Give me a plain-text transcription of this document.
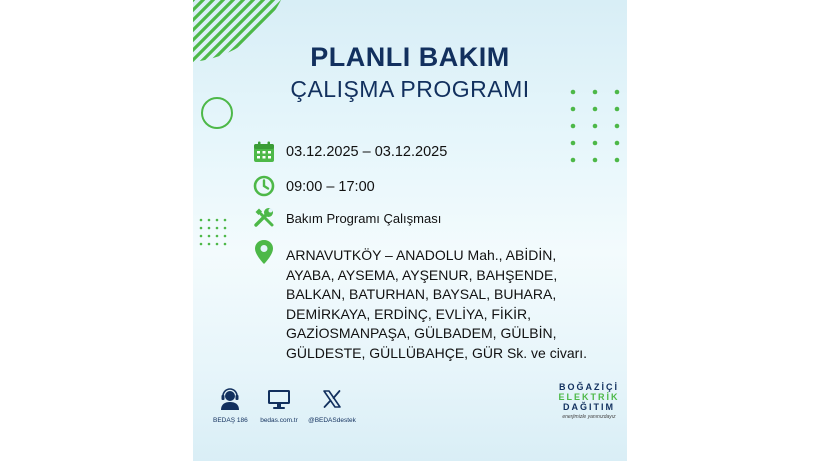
PLANLI BAKIM
ÇALIŞMA PROGRAMI
03.12.2025 – 03.12.2025
09:00 – 17:00
Bakım Programı Çalışması
ARNAVUTKÖY – ANADOLU Mah., ABİDİN,
AYABA, AYSEMA, AYŞENUR, BAHŞENDE,
BALKAN, BATURHAN, BAYSAL, BUHARA,
DEMİRKAYA, ERDİNÇ, EVLİYA, FİKİR,
GAZİOSMANPAŞA, GÜLBADEM, GÜLBİN,
GÜLDESTE, GÜLLÜBAHÇE, GÜR Sk. ve civarı.
BEDAŞ 186 bedas.com.tr @BEDASdestek
BOĞAZİÇİ
ELEKTRİK
DAĞITIM
enerjimizle yanınızdayız
